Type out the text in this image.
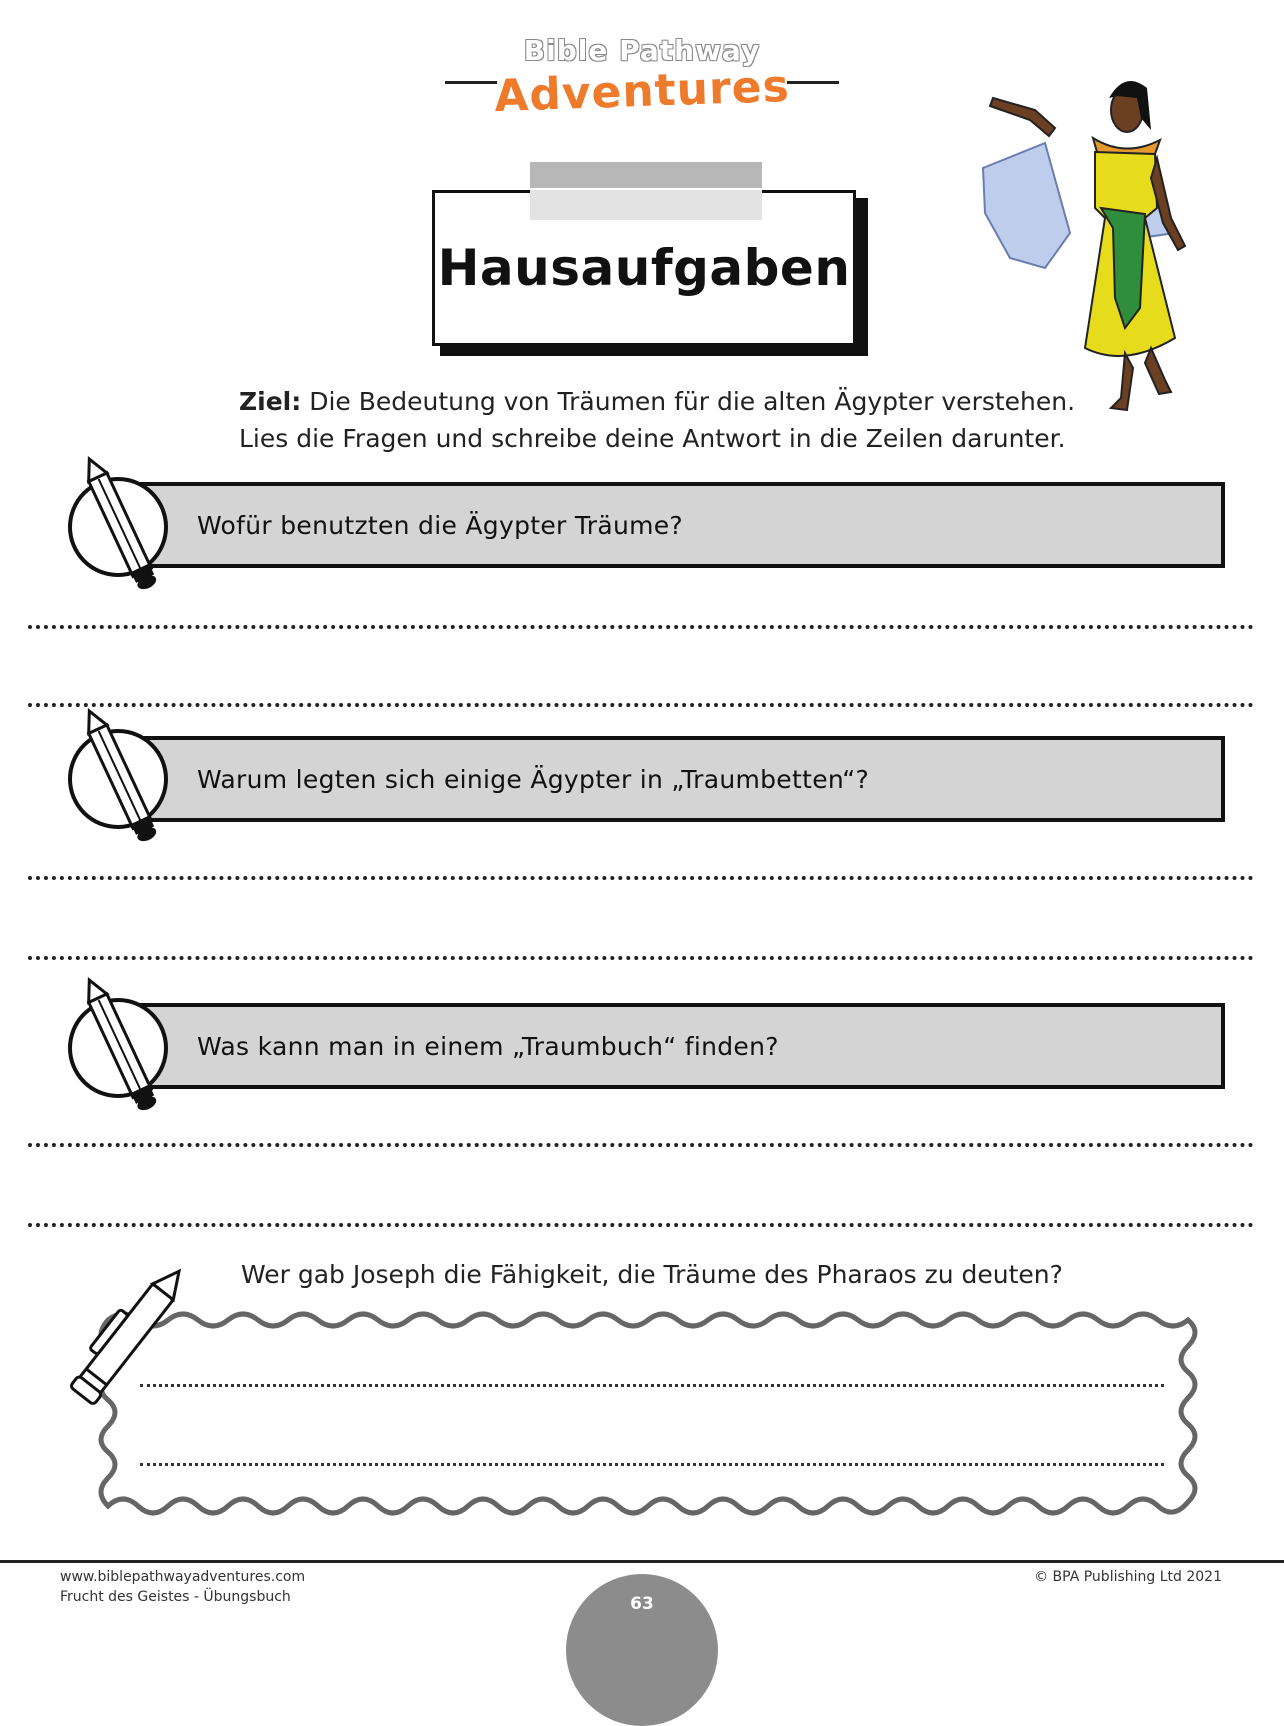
Bible Pathway
Adventures
Hausaufgaben
Ziel: Die Bedeutung von Träumen für die alten Ägypter verstehen.
Lies die Fragen und schreibe deine Antwort in die Zeilen darunter.
Wofür benutzten die Ägypter Träume?
Warum legten sich einige Ägypter in „Traumbetten“?
Was kann man in einem „Traumbuch“ finden?
Wer gab Joseph die Fähigkeit, die Träume des Pharaos zu deuten?
www.biblepathwayadventures.com
Frucht des Geistes - Übungsbuch
© BPA Publishing Ltd 2021
63
